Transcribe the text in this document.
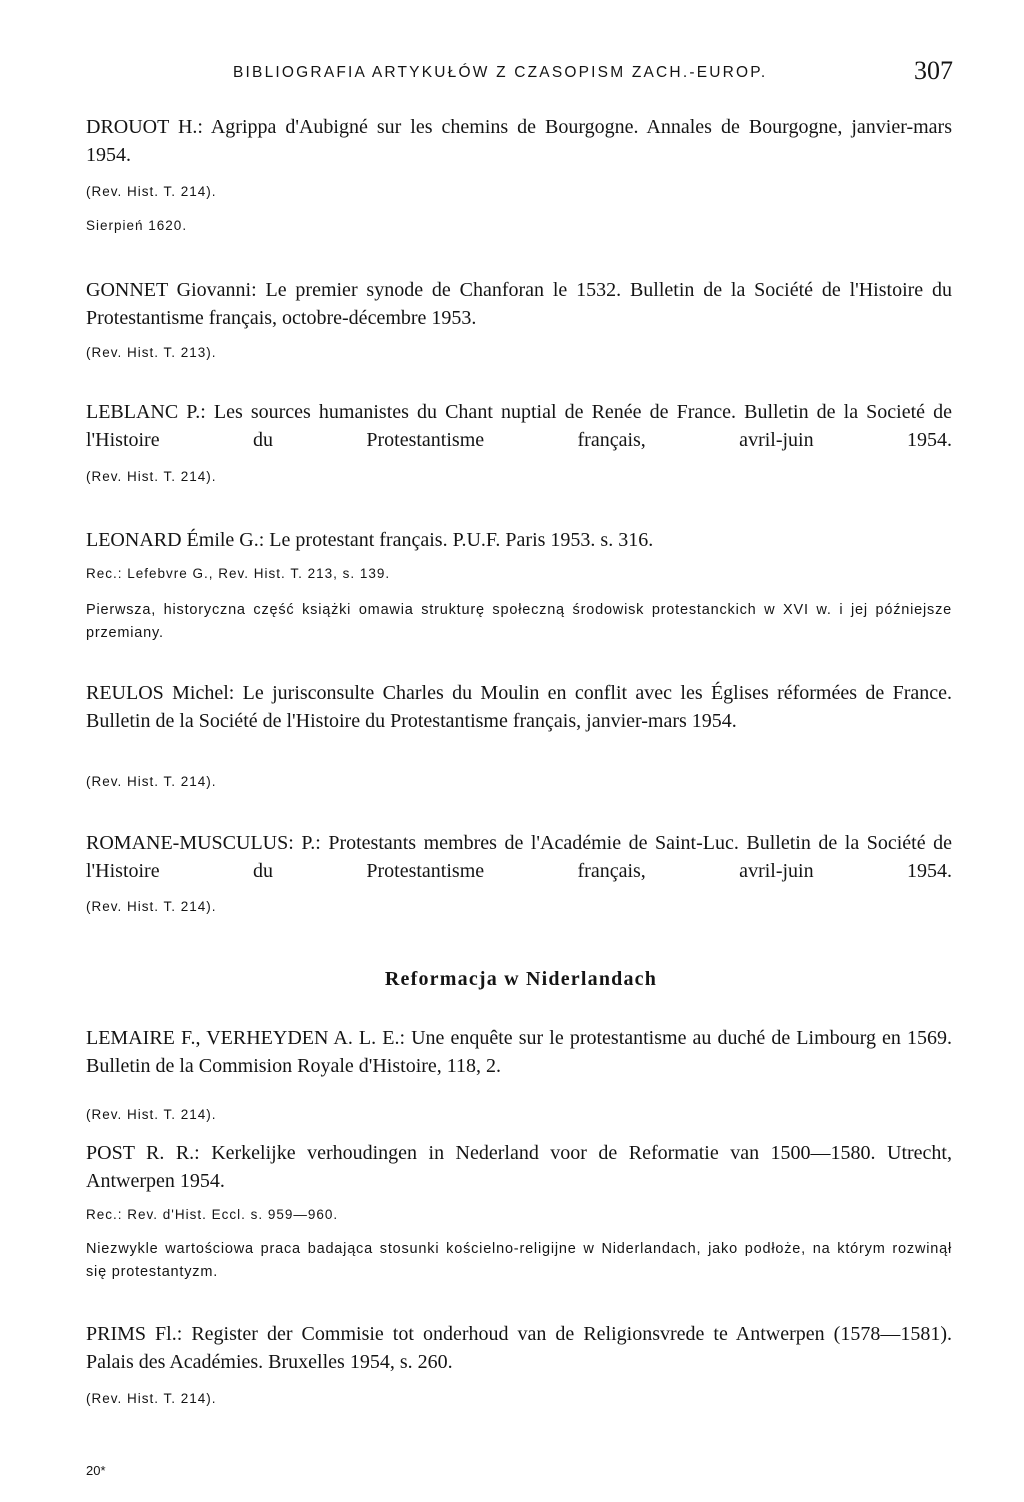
BIBLIOGRAFIA ARTYKUŁÓW Z CZASOPISM ZACH.-EUROP.	307

DROUOT H.: Agrippa d'Aubigné sur les chemins de Bourgogne. Annales de Bourgogne, janvier-mars 1954.

(Rev. Hist. T. 214).

Sierpień 1620.

GONNET Giovanni: Le premier synode de Chanforan le 1532. Bulletin de la Société de l'Histoire du Protestantisme français, octobre-décembre 1953.

(Rev. Hist. T. 213).

LEBLANC P.: Les sources humanistes du Chant nuptial de Renée de France. Bulletin de la Societé de l'Histoire du Protestantisme français, avril-juin 1954.

(Rev. Hist. T. 214).

LEONARD Émile G.: Le protestant français. P.U.F. Paris 1953. s. 316.

Rec.: Lefebvre G., Rev. Hist. T. 213, s. 139.

Pierwsza, historyczna część książki omawia strukturę społeczną środowisk protestanckich w XVI w. i jej późniejsze przemiany.

REULOS Michel: Le jurisconsulte Charles du Moulin en conflit avec les Églises réformées de France. Bulletin de la Société de l'Histoire du Protestantisme français, janvier-mars 1954.

(Rev. Hist. T. 214).

ROMANE-MUSCULUS: P.: Protestants membres de l'Académie de Saint-Luc. Bulletin de la Société de l'Histoire du Protestantisme français, avril-juin 1954.

(Rev. Hist. T. 214).

Reformacja w Niderlandach

LEMAIRE F., VERHEYDEN A. L. E.: Une enquête sur le protestantisme au duché de Limbourg en 1569. Bulletin de la Commision Royale d'Histoire, 118, 2.

(Rev. Hist. T. 214).

POST R. R.: Kerkelijke verhoudingen in Nederland voor de Reformatie van 1500—1580. Utrecht, Antwerpen 1954.

Rec.: Rev. d'Hist. Eccl. s. 959—960.

Niezwykle wartościowa praca badająca stosunki kościelno-religijne w Niderlandach, jako podłoże, na którym rozwinął się protestantyzm.

PRIMS Fl.: Register der Commisie tot onderhoud van de Religionsvrede te Antwerpen (1578—1581). Palais des Académies. Bruxelles 1954, s. 260.

(Rev. Hist. T. 214).

20*
